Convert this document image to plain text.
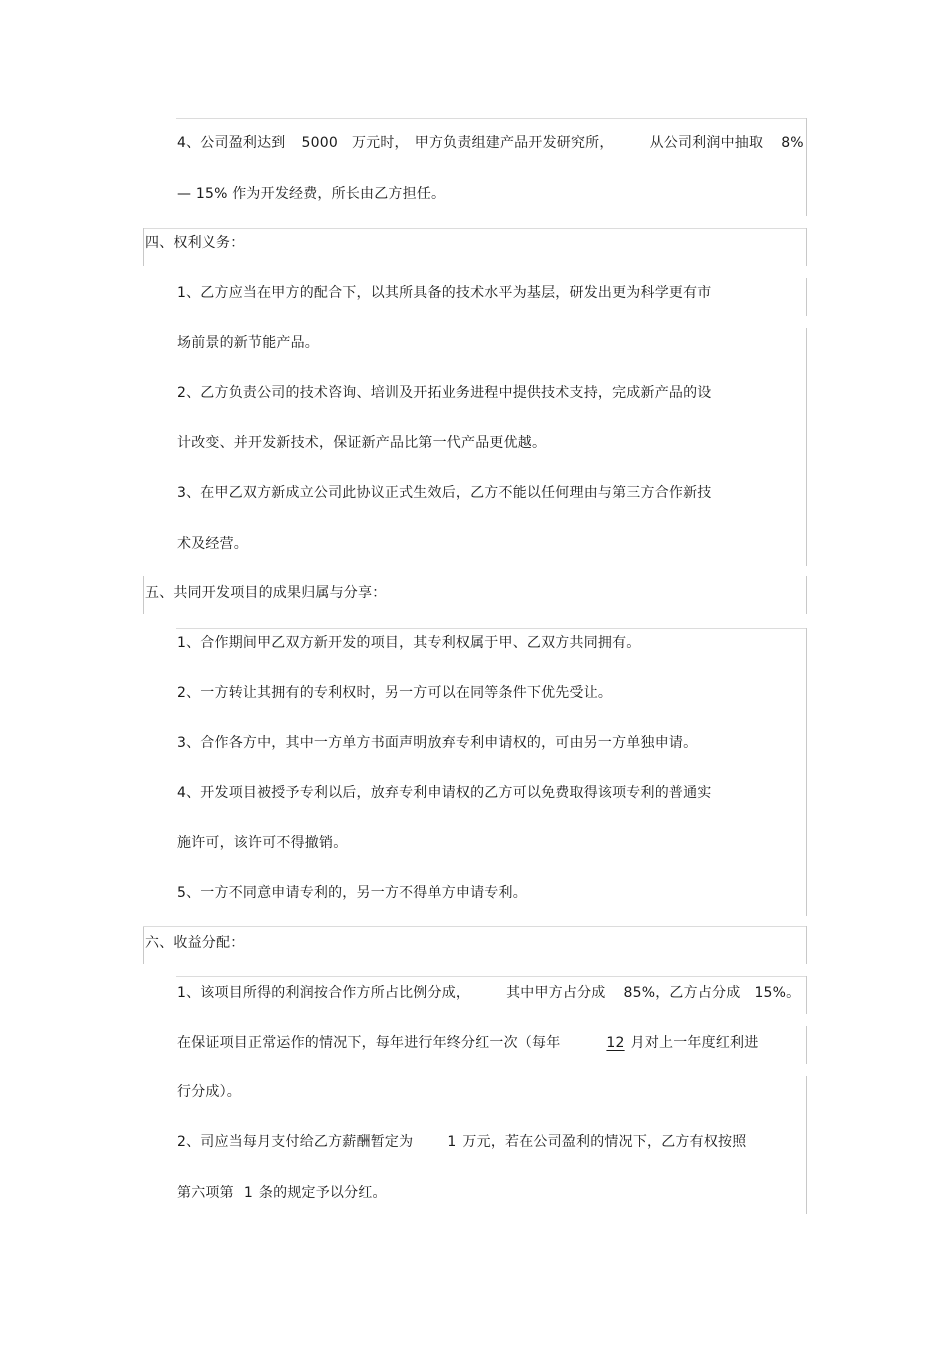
4、公司盈利达到 5000 万元时， 甲方负责组建产品开发研究所，	从公司利润中抽取 8%
— 15% 作为开发经费，所长由乙方担任。
四、权利义务：
1、乙方应当在甲方的配合下，以其所具备的技术水平为基层，研发出更为科学更有市
场前景的新节能产品。
2、乙方负责公司的技术咨询、培训及开拓业务进程中提供技术支持，完成新产品的设
计改变、并开发新技术，保证新产品比第一代产品更优越。
3、在甲乙双方新成立公司此协议正式生效后，乙方不能以任何理由与第三方合作新技
术及经营。
五、共同开发项目的成果归属与分享：
1、合作期间甲乙双方新开发的项目，其专利权属于甲、乙双方共同拥有。
2、一方转让其拥有的专利权时，另一方可以在同等条件下优先受让。
3、合作各方中，其中一方单方书面声明放弃专利申请权的，可由另一方单独申请。
4、开发项目被授予专利以后，放弃专利申请权的乙方可以免费取得该项专利的普通实
施许可，该许可不得撤销。
5、一方不同意申请专利的，另一方不得单方申请专利。
六、收益分配：
1、该项目所得的利润按合作方所占比例分成，	其中甲方占分成 85%，乙方占分成 15%。
在保证项目正常运作的情况下，每年进行年终分红一次（每年	12 月对上一年度红利进
行分成）。
2、司应当每月支付给乙方薪酬暂定为 1 万元，若在公司盈利的情况下，乙方有权按照
第六项第 1 条的规定予以分红。
